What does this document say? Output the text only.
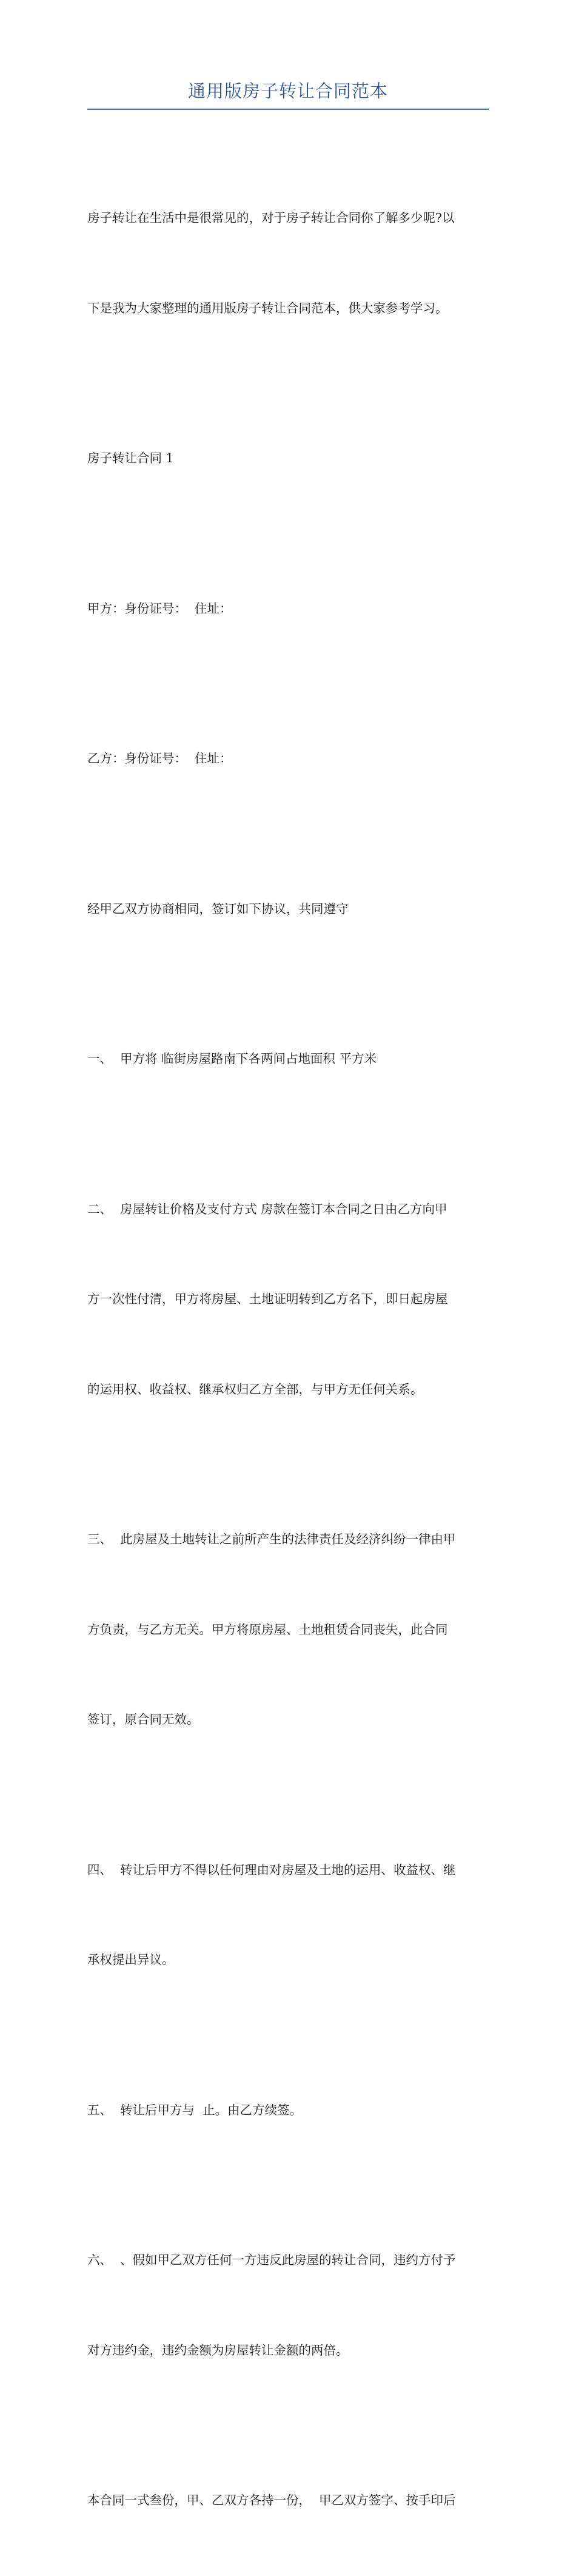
通用版房子转让合同范本

房子转让在生活中是很常见的，对于房子转让合同你了解多少呢?以

下是我为大家整理的通用版房子转让合同范本，供大家参考学习。

房子转让合同 1

甲方：身份证号：  住址：

乙方：身份证号：  住址：

经甲乙双方协商相同，签订如下协议，共同遵守

一、  甲方将 临街房屋路南下各两间占地面积 平方米

二、  房屋转让价格及支付方式 房款在签订本合同之日由乙方向甲

方一次性付清，甲方将房屋、土地证明转到乙方名下，即日起房屋

的运用权、收益权、继承权归乙方全部，与甲方无任何关系。

三、  此房屋及土地转让之前所产生的法律责任及经济纠纷一律由甲

方负责，与乙方无关。甲方将原房屋、土地租赁合同丧失，此合同

签订，原合同无效。

四、  转让后甲方不得以任何理由对房屋及土地的运用、收益权、继

承权提出异议。

五、  转让后甲方与  止。由乙方续签。

六、  、假如甲乙双方任何一方违反此房屋的转让合同，违约方付予

对方违约金，违约金额为房屋转让金额的两倍。

本合同一式叁份，甲、乙双方各持一份，  甲乙双方签字、按手印后
